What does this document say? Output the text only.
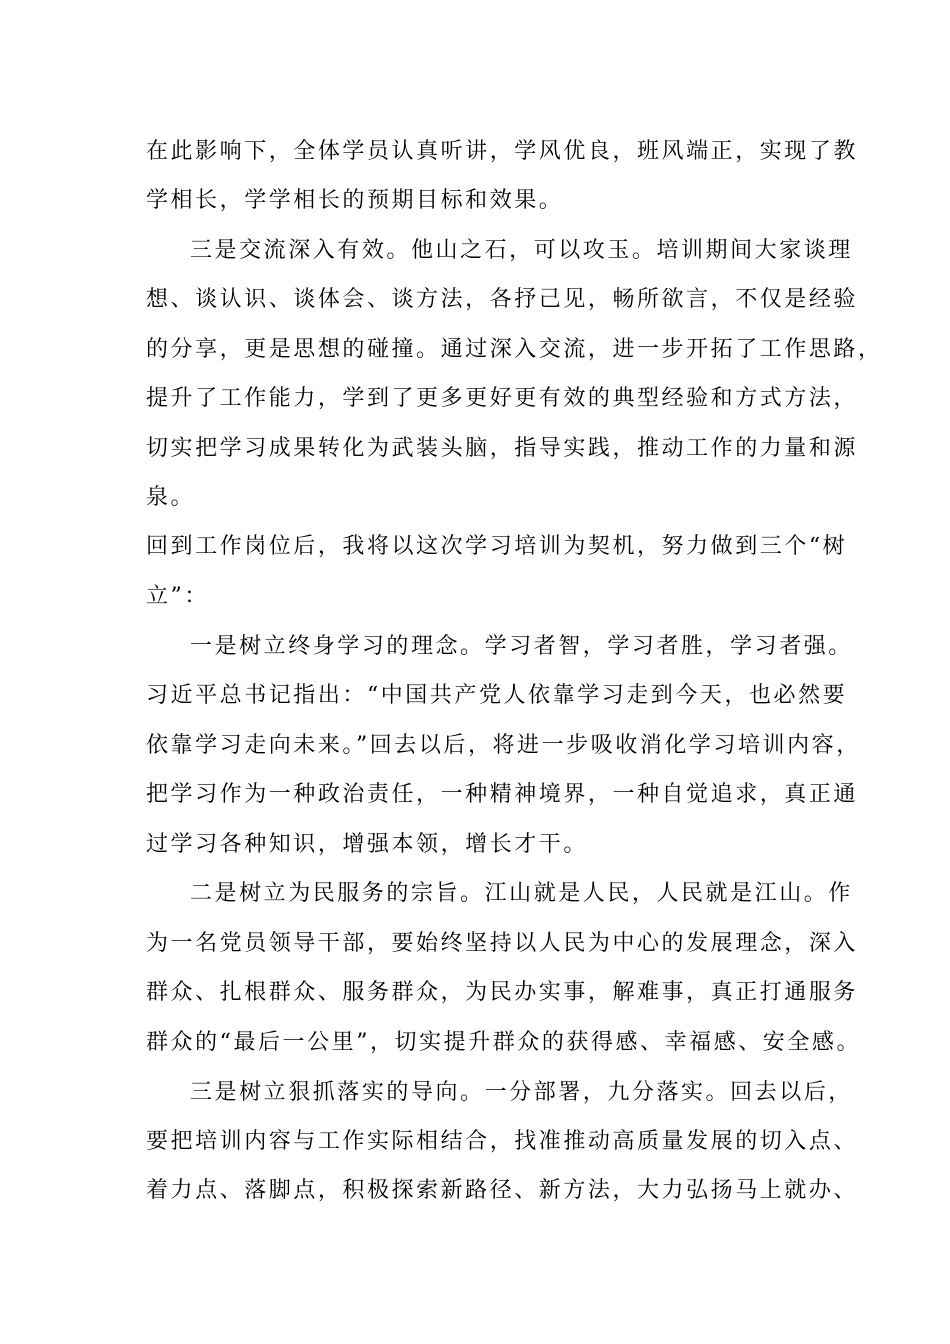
在此影响下，全体学员认真听讲，学风优良，班风端正，实现了教
学相长，学学相长的预期目标和效果。
三是交流深入有效。他山之石，可以攻玉。培训期间大家谈理
想、谈认识、谈体会、谈方法，各抒己见，畅所欲言，不仅是经验
的分享，更是思想的碰撞。通过深入交流，进一步开拓了工作思路，
提升了工作能力，学到了更多更好更有效的典型经验和方式方法，
切实把学习成果转化为武装头脑，指导实践，推动工作的力量和源
泉。
回到工作岗位后，我将以这次学习培训为契机，努力做到三个“树
立”：
一是树立终身学习的理念。学习者智，学习者胜，学习者强。
习近平总书记指出：“中国共产党人依靠学习走到今天，也必然要
依靠学习走向未来。”回去以后，将进一步吸收消化学习培训内容，
把学习作为一种政治责任，一种精神境界，一种自觉追求，真正通
过学习各种知识，增强本领，增长才干。
二是树立为民服务的宗旨。江山就是人民，人民就是江山。作
为一名党员领导干部，要始终坚持以人民为中心的发展理念，深入
群众、扎根群众、服务群众，为民办实事，解难事，真正打通服务
群众的“最后一公里”，切实提升群众的获得感、幸福感、安全感。
三是树立狠抓落实的导向。一分部署，九分落实。回去以后，
要把培训内容与工作实际相结合，找准推动高质量发展的切入点、
着力点、落脚点，积极探索新路径、新方法，大力弘扬马上就办、
